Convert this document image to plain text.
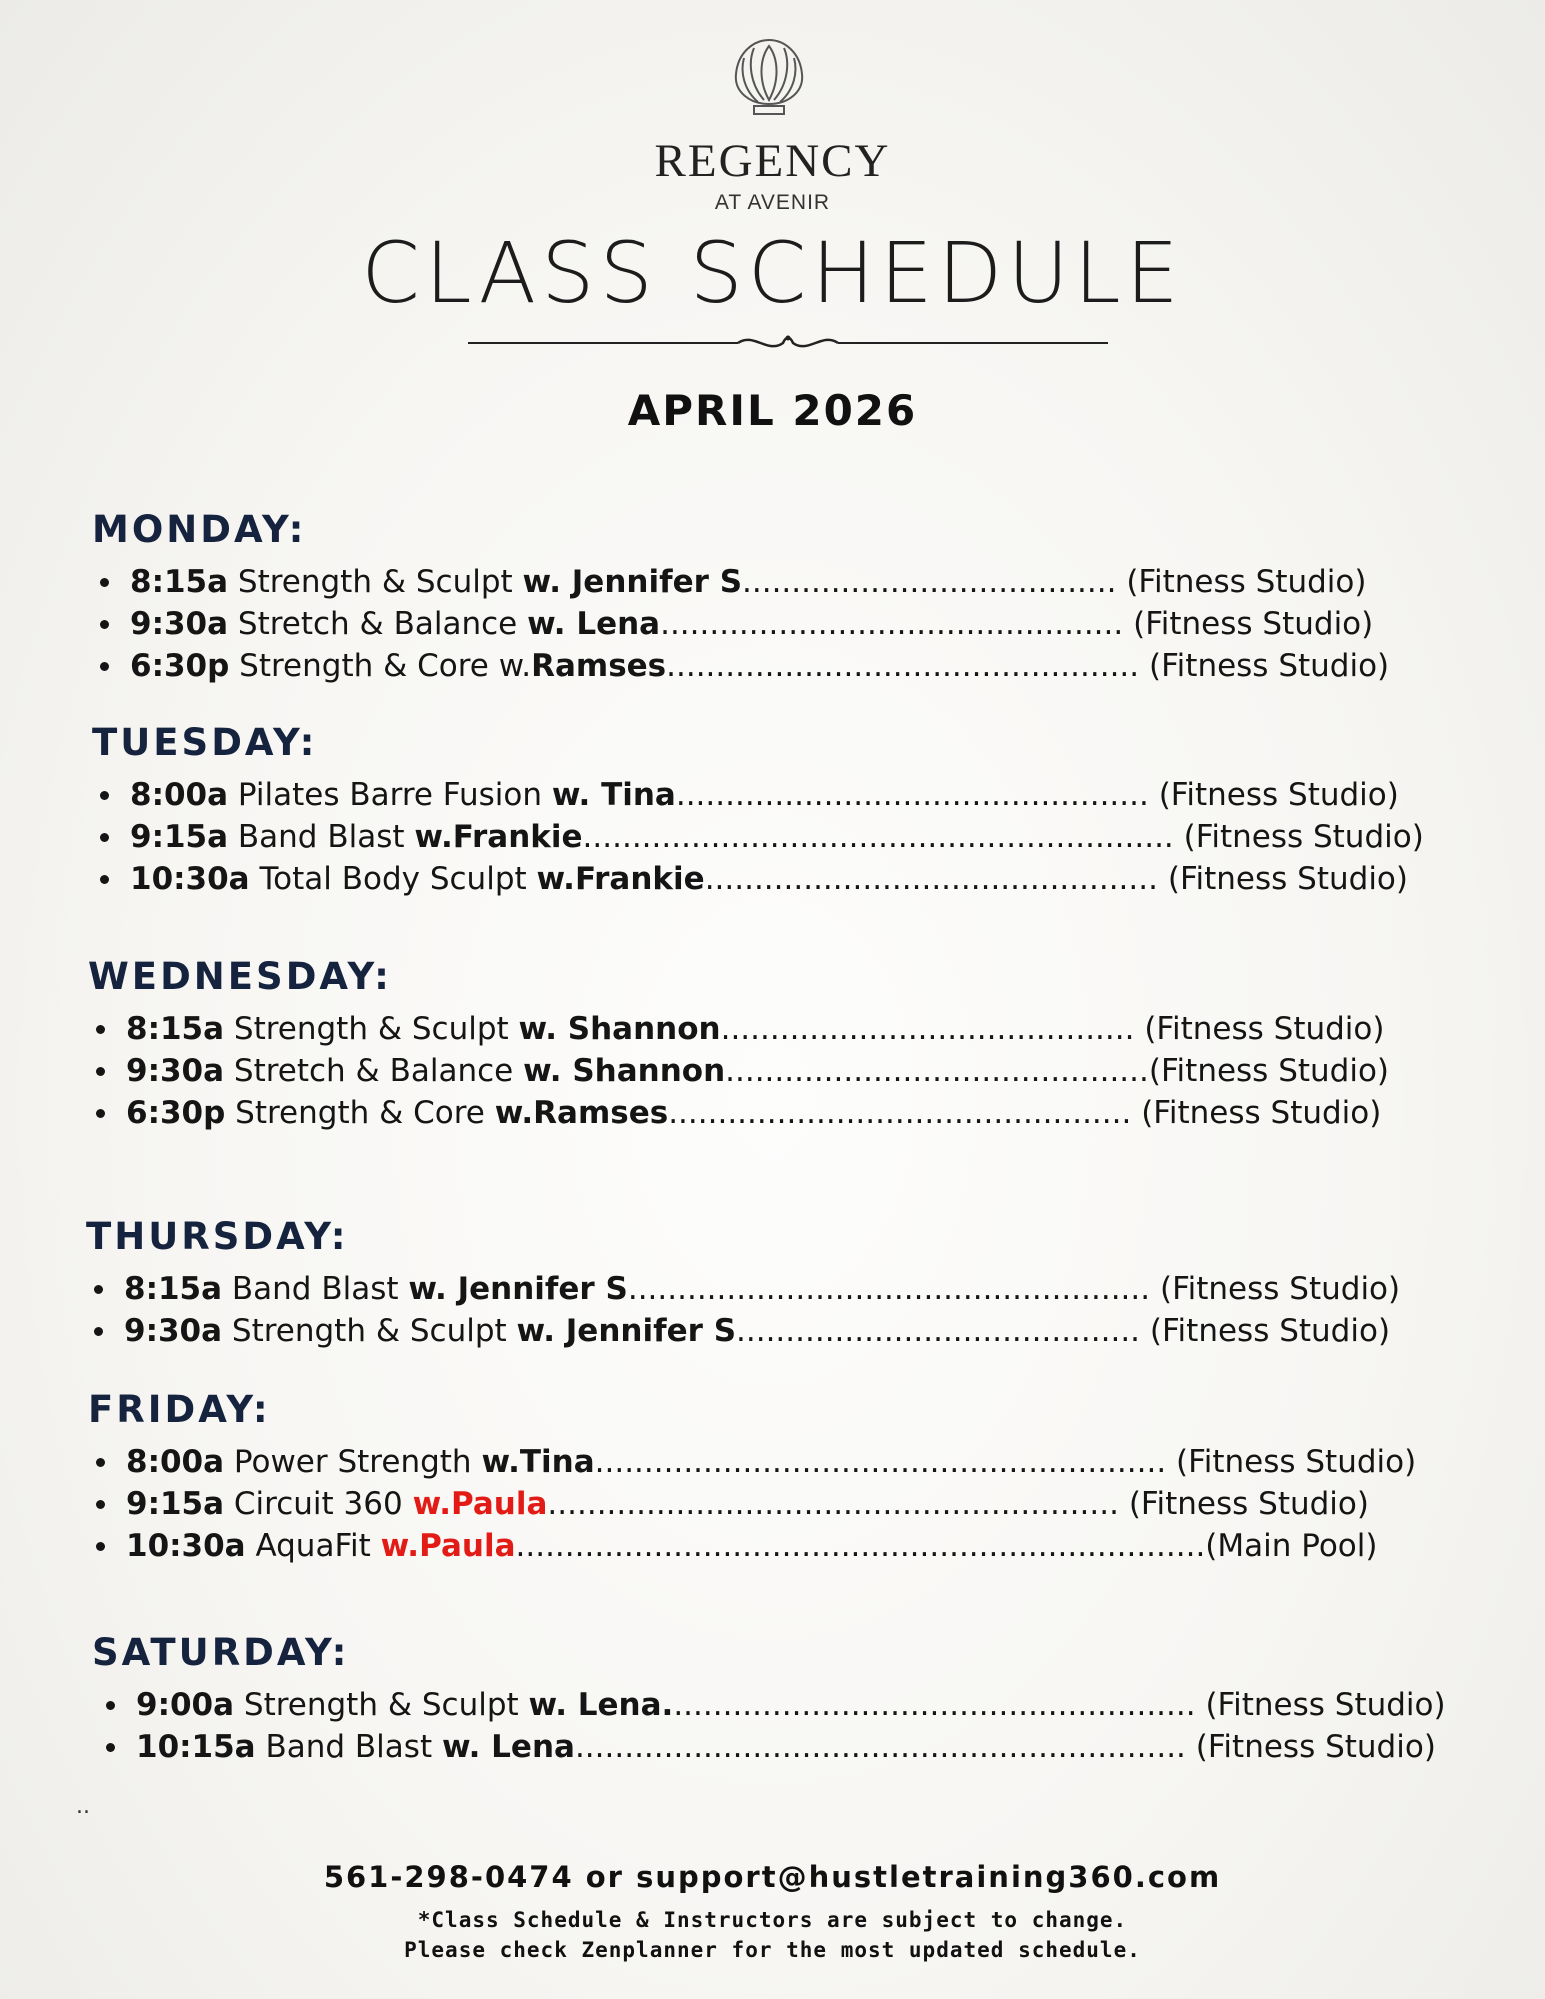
REGENCY
AT AVENIR
CLASS SCHEDULE
APRIL 2026
MONDAY:
8:15a Strength & Sculpt w. Jennifer S...................................... (Fitness Studio)
9:30a Stretch & Balance w. Lena............................................... (Fitness Studio)
6:30p Strength & Core w.Ramses................................................ (Fitness Studio)
TUESDAY:
8:00a Pilates Barre Fusion w. Tina................................................ (Fitness Studio)
9:15a Band Blast w.Frankie............................................................ (Fitness Studio)
10:30a Total Body Sculpt w.Frankie.............................................. (Fitness Studio)
WEDNESDAY:
8:15a Strength & Sculpt w. Shannon.......................................... (Fitness Studio)
9:30a Stretch & Balance w. Shannon...........................................(Fitness Studio)
6:30p Strength & Core w.Ramses............................................... (Fitness Studio)
THURSDAY:
8:15a Band Blast w. Jennifer S..................................................... (Fitness Studio)
9:30a Strength & Sculpt w. Jennifer S......................................... (Fitness Studio)
FRIDAY:
8:00a Power Strength w.Tina.......................................................... (Fitness Studio)
9:15a Circuit 360 w.Paula.......................................................... (Fitness Studio)
10:30a AquaFit w.Paula......................................................................(Main Pool)
SATURDAY:
9:00a Strength & Sculpt w. Lena...................................................... (Fitness Studio)
10:15a Band Blast w. Lena.............................................................. (Fitness Studio)
..
561-298-0474 or support@hustletraining360.com
*Class Schedule & Instructors are subject to change.
Please check Zenplanner for the most updated schedule.
